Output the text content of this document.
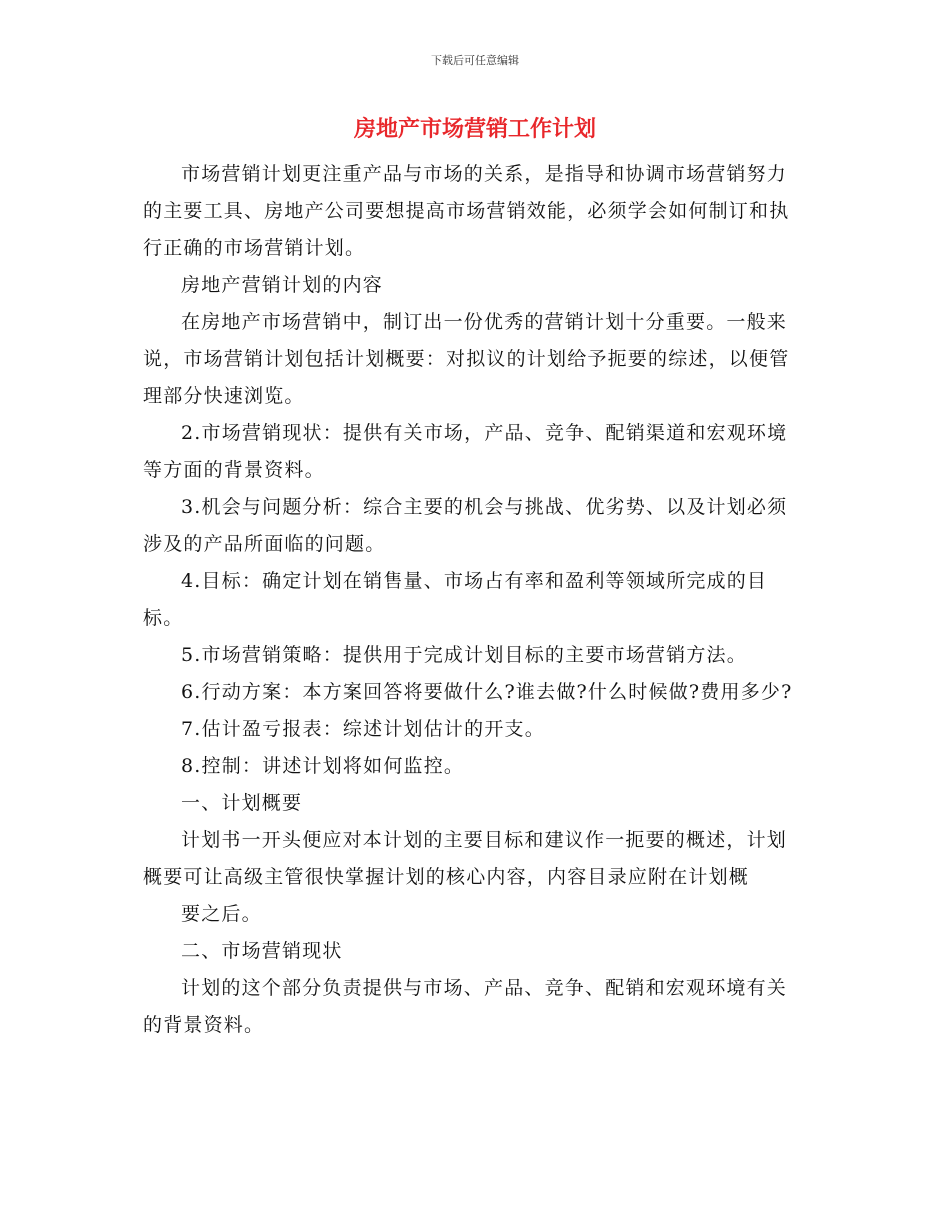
下载后可任意编辑
房地产市场营销工作计划

市场营销计划更注重产品与市场的关系，是指导和协调市场营销努力的主要工具、房地产公司要想提高市场营销效能，必须学会如何制订和执行正确的市场营销计划。

房地产营销计划的内容

在房地产市场营销中，制订出一份优秀的营销计划十分重要。一般来说，市场营销计划包括计划概要：对拟议的计划给予扼要的综述，以便管理部分快速浏览。

2.市场营销现状：提供有关市场，产品、竞争、配销渠道和宏观环境等方面的背景资料。

3.机会与问题分析：综合主要的机会与挑战、优劣势、以及计划必须涉及的产品所面临的问题。

4.目标：确定计划在销售量、市场占有率和盈利等领域所完成的目标。

5.市场营销策略：提供用于完成计划目标的主要市场营销方法。

6.行动方案：本方案回答将要做什么?谁去做?什么时候做?费用多少?

7.估计盈亏报表：综述计划估计的开支。

8.控制：讲述计划将如何监控。

一、计划概要

计划书一开头便应对本计划的主要目标和建议作一扼要的概述，计划概要可让高级主管很快掌握计划的核心内容，内容目录应附在计划概

要之后。

二、市场营销现状

计划的这个部分负责提供与市场、产品、竞争、配销和宏观环境有关的背景资料。
